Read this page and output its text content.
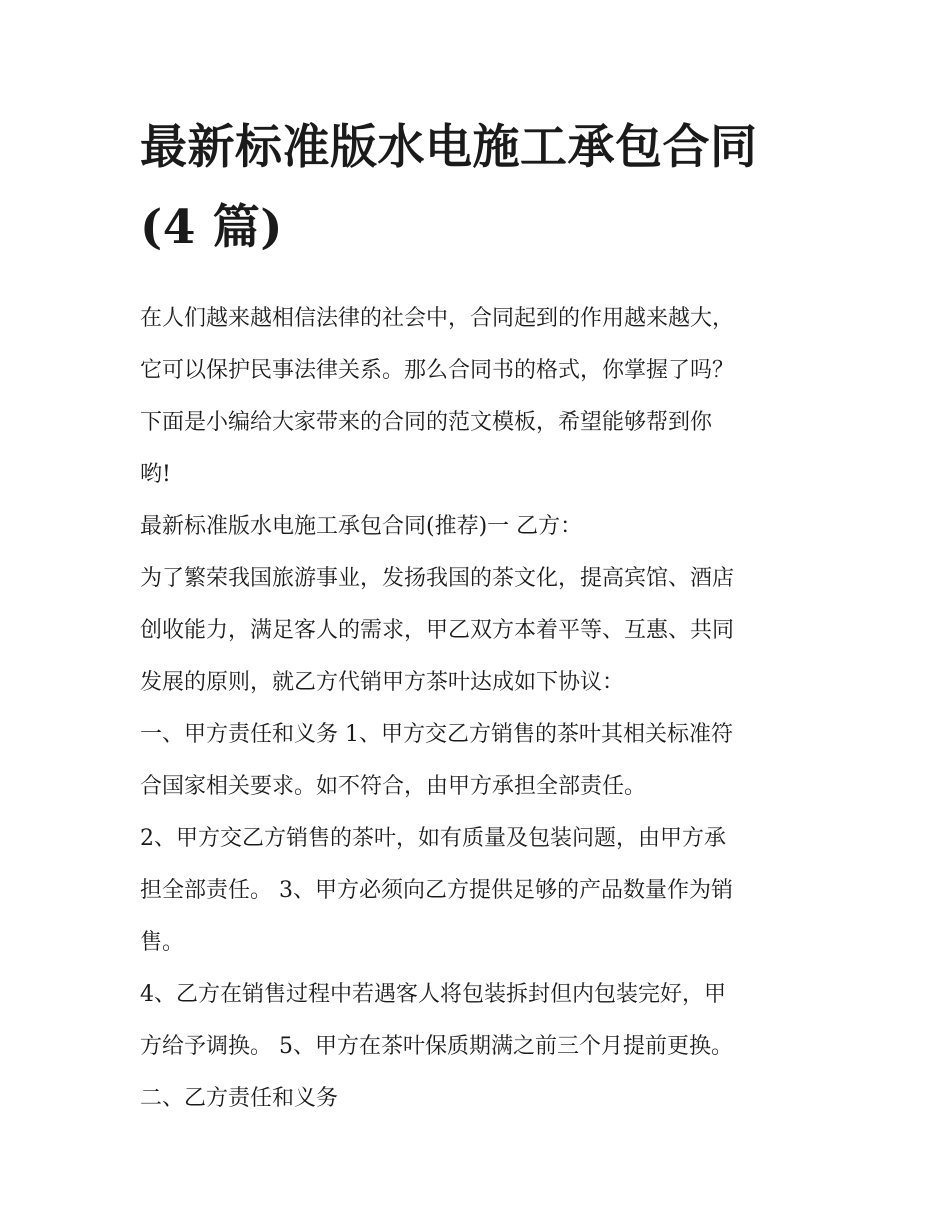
最新标准版水电施工承包合同
(4 篇)

在人们越来越相信法律的社会中，合同起到的作用越来越大，
它可以保护民事法律关系。那么合同书的格式，你掌握了吗？
下面是小编给大家带来的合同的范文模板，希望能够帮到你
哟!

最新标准版水电施工承包合同(推荐)一 乙方：

为了繁荣我国旅游事业，发扬我国的茶文化，提高宾馆、酒店
创收能力，满足客人的需求，甲乙双方本着平等、互惠、共同
发展的原则，就乙方代销甲方茶叶达成如下协议：

一、甲方责任和义务 1、甲方交乙方销售的茶叶其相关标准符
合国家相关要求。如不符合，由甲方承担全部责任。

2、甲方交乙方销售的茶叶，如有质量及包装问题，由甲方承
担全部责任。 3、甲方必须向乙方提供足够的产品数量作为销
售。

4、乙方在销售过程中若遇客人将包装拆封但内包装完好，甲
方给予调换。 5、甲方在茶叶保质期满之前三个月提前更换。

二、乙方责任和义务
